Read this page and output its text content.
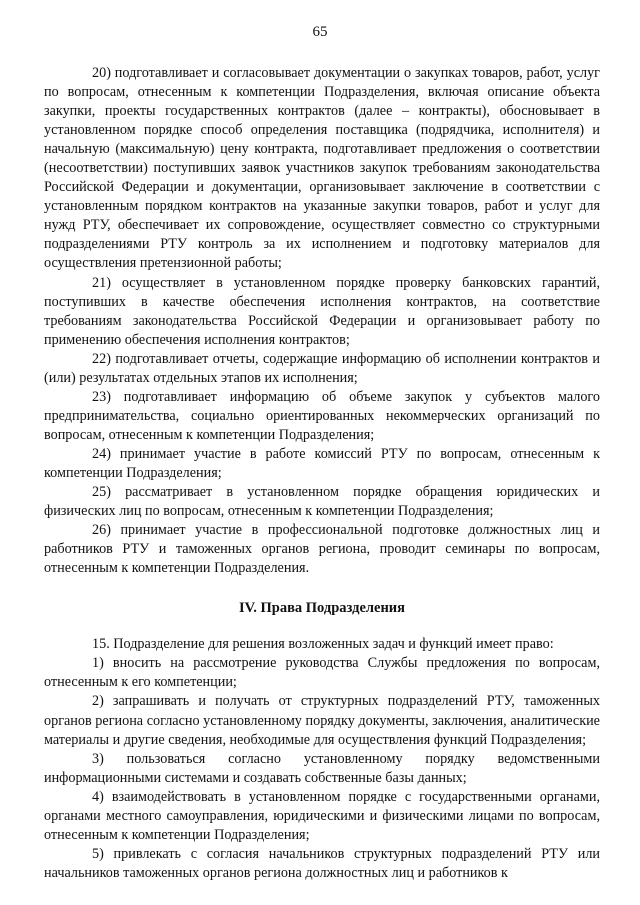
65

20) подготавливает и согласовывает документации о закупках товаров, работ, услуг по вопросам, отнесенным к компетенции Подразделения, включая описание объекта закупки, проекты государственных контрактов (далее – контракты), обосновывает в установленном порядке способ определения поставщика (подрядчика, исполнителя) и начальную (максимальную) цену контракта, подготавливает предложения о соответствии (несоответствии) поступивших заявок участников закупок требованиям законодательства Российской Федерации и документации, организовывает заключение в соответствии с установленным порядком контрактов на указанные закупки товаров, работ и услуг для нужд РТУ, обеспечивает их сопровождение, осуществляет совместно со структурными подразделениями РТУ контроль за их исполнением и подготовку материалов для осуществления претензионной работы;

21) осуществляет в установленном порядке проверку банковских гарантий, поступивших в качестве обеспечения исполнения контрактов, на соответствие требованиям законодательства Российской Федерации и организовывает работу по применению обеспечения исполнения контрактов;

22) подготавливает отчеты, содержащие информацию об исполнении контрактов и (или) результатах отдельных этапов их исполнения;

23) подготавливает информацию об объеме закупок у субъектов малого предпринимательства, социально ориентированных некоммерческих организаций по вопросам, отнесенным к компетенции Подразделения;

24) принимает участие в работе комиссий РТУ по вопросам, отнесенным к компетенции Подразделения;

25) рассматривает в установленном порядке обращения юридических и физических лиц по вопросам, отнесенным к компетенции Подразделения;

26) принимает участие в профессиональной подготовке должностных лиц и работников РТУ и таможенных органов региона, проводит семинары по вопросам, отнесенным к компетенции Подразделения.

IV. Права Подразделения

15. Подразделение для решения возложенных задач и функций имеет право:

1) вносить на рассмотрение руководства Службы предложения по вопросам, отнесенным к его компетенции;

2) запрашивать и получать от структурных подразделений РТУ, таможенных органов региона согласно установленному порядку документы, заключения, аналитические материалы и другие сведения, необходимые для осуществления функций Подразделения;

3) пользоваться согласно установленному порядку ведомственными информационными системами и создавать собственные базы данных;

4) взаимодействовать в установленном порядке с государственными органами, органами местного самоуправления, юридическими и физическими лицами по вопросам, отнесенным к компетенции Подразделения;

5) привлекать с согласия начальников структурных подразделений РТУ или начальников таможенных органов региона должностных лиц и работников к
